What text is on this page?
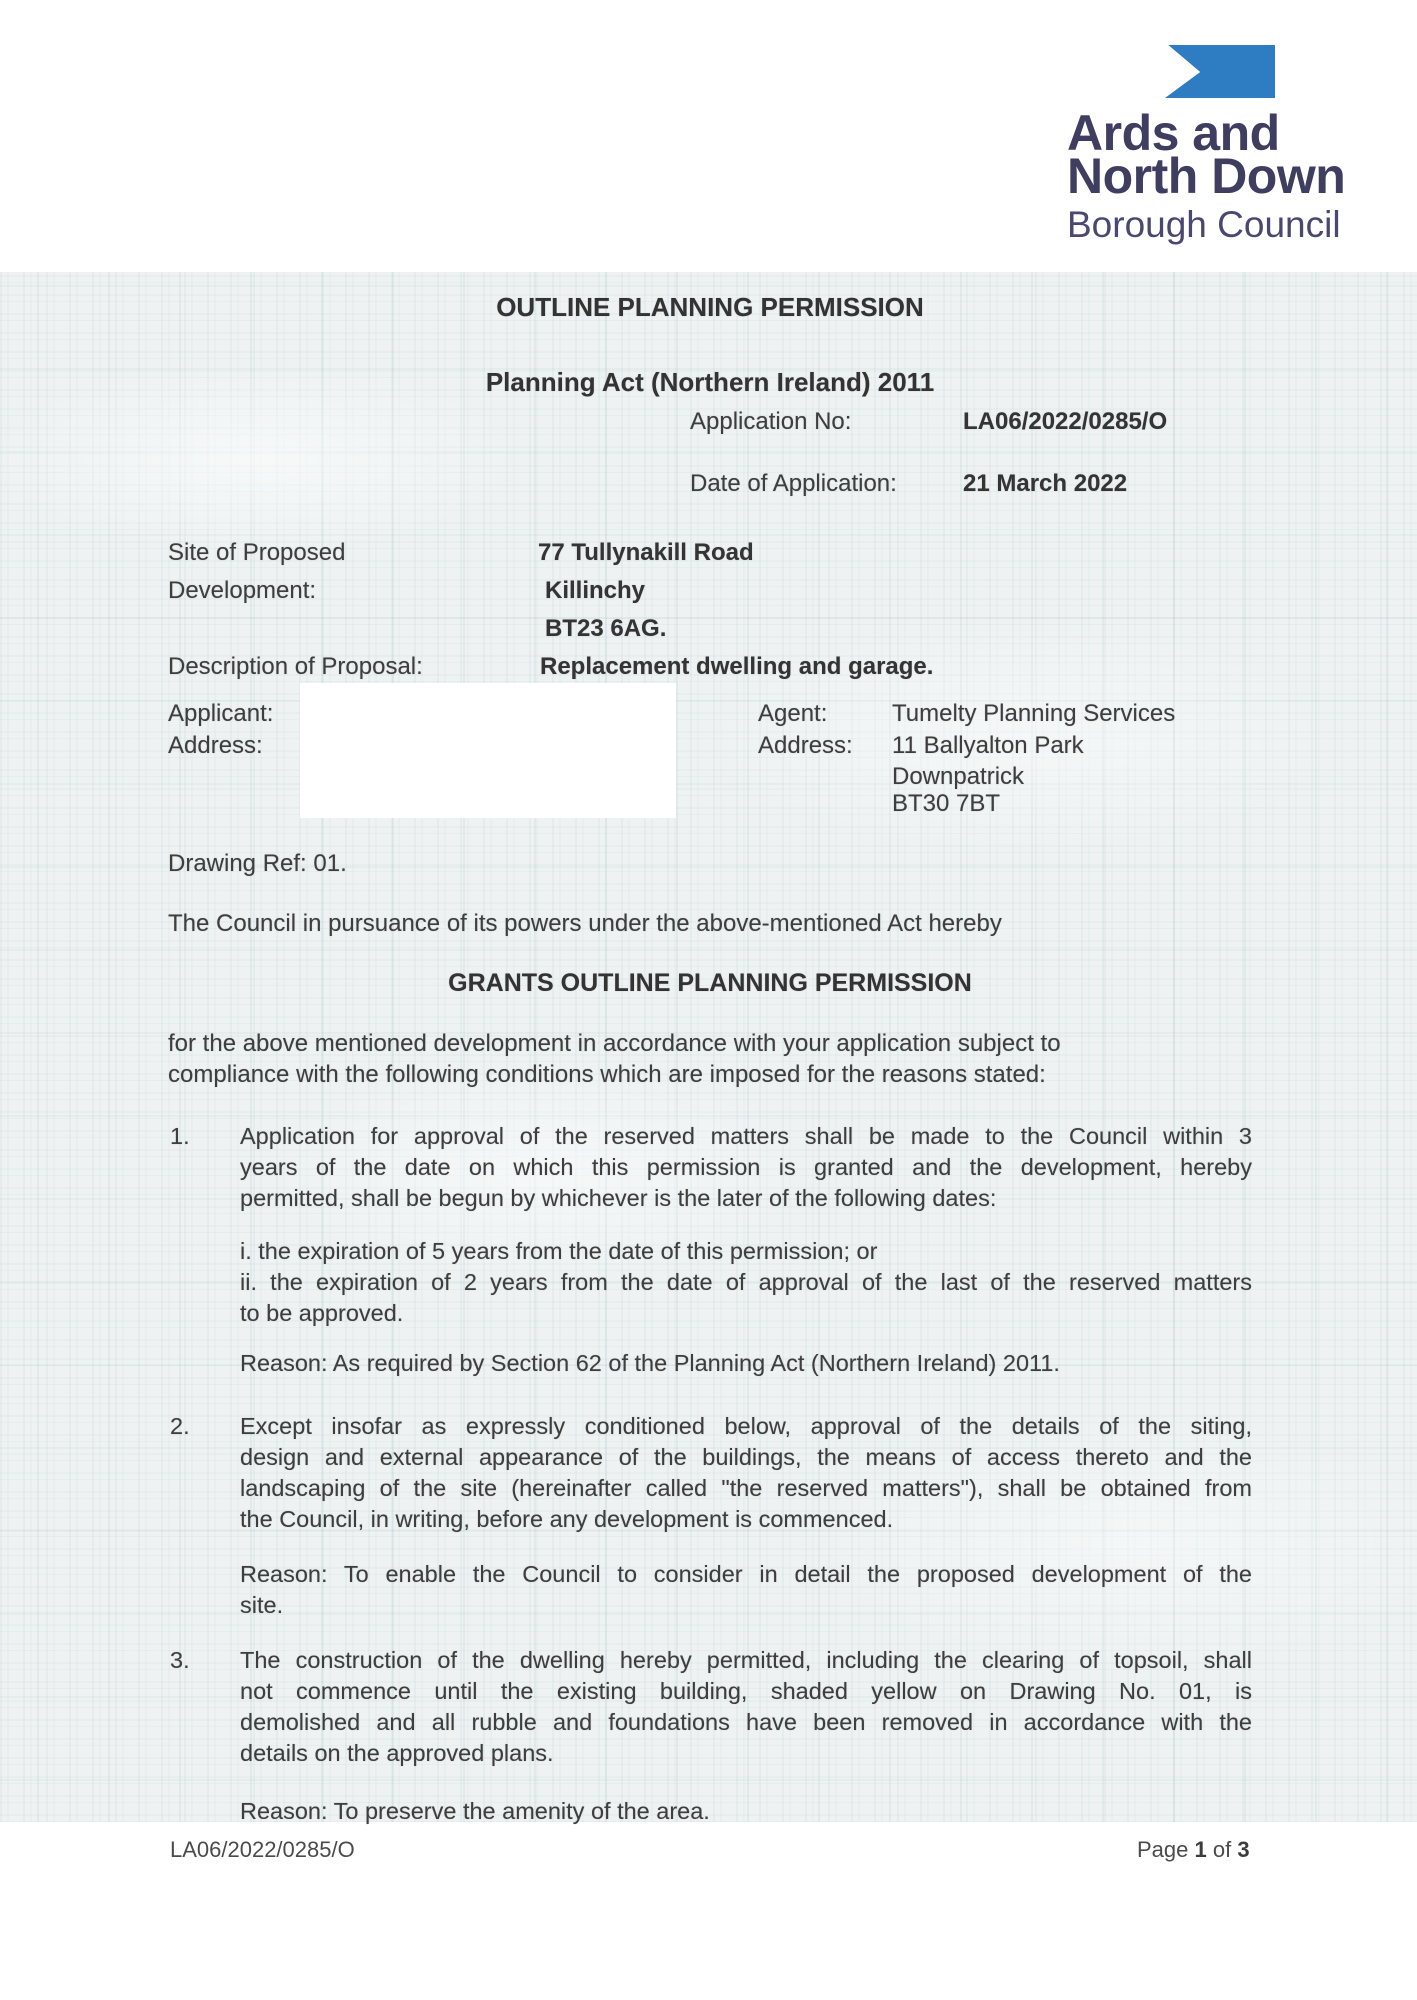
Ards and
North Down
Borough Council
OUTLINE PLANNING PERMISSION
Planning Act (Northern Ireland) 2011
Application No:	LA06/2022/0285/O
Date of Application:	21 March 2022
Site of Proposed
Development:
77 Tullynakill Road
Killinchy
BT23 6AG.
Description of Proposal:	Replacement dwelling and garage.
Applicant:
Address:
Agent:	Tumelty Planning Services
Address: 11 Ballyalton Park
Downpatrick
BT30 7BT
Drawing Ref: 01.
The Council in pursuance of its powers under the above-mentioned Act hereby
GRANTS OUTLINE PLANNING PERMISSION
for the above mentioned development in accordance with your application subject to
compliance with the following conditions which are imposed for the reasons stated:
1. Application for approval of the reserved matters shall be made to the Council within 3
years of the date on which this permission is granted and the development, hereby
permitted, shall be begun by whichever is the later of the following dates:
i. the expiration of 5 years from the date of this permission; or
ii. the expiration of 2 years from the date of approval of the last of the reserved matters
to be approved.
Reason: As required by Section 62 of the Planning Act (Northern Ireland) 2011.
2. Except insofar as expressly conditioned below, approval of the details of the siting,
design and external appearance of the buildings, the means of access thereto and the
landscaping of the site (hereinafter called "the reserved matters"), shall be obtained from
the Council, in writing, before any development is commenced.
Reason: To enable the Council to consider in detail the proposed development of the
site.
3. The construction of the dwelling hereby permitted, including the clearing of topsoil, shall
not commence until the existing building, shaded yellow on Drawing No. 01, is
demolished and all rubble and foundations have been removed in accordance with the
details on the approved plans.
Reason: To preserve the amenity of the area.
LA06/2022/0285/O	Page 1 of 3
